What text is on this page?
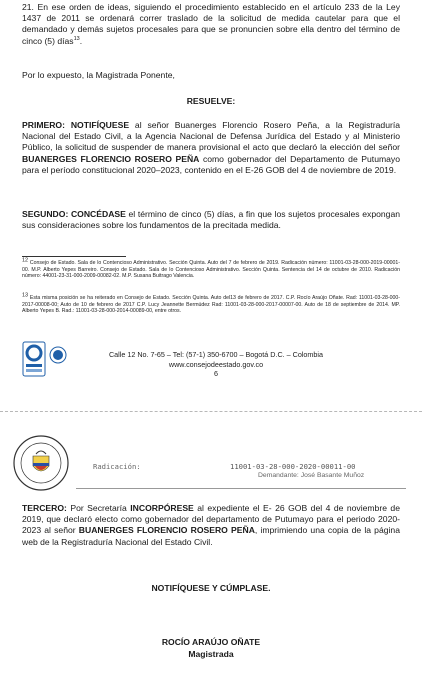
21. En ese orden de ideas, siguiendo el procedimiento establecido en el artículo 233 de la Ley 1437 de 2011 se ordenará correr traslado de la solicitud de medida cautelar para que el demandado y demás sujetos procesales para que se pronuncien sobre ella dentro del término de cinco (5) días$^{13}$.
Por lo expuesto, la Magistrada Ponente,
RESUELVE:
PRIMERO: NOTIFÍQUESE al señor Buanerges Florencio Rosero Peña, a la Registraduría Nacional del Estado Civil, a la Agencia Nacional de Defensa Jurídica del Estado y al Ministerio Público, la solicitud de suspender de manera provisional el acto que declaró la elección del señor BUANERGES FLORENCIO ROSERO PEÑA como gobernador del Departamento de Putumayo para el período constitucional 2020–2023, contenido en el E-26 GOB del 4 de noviembre de 2019.
SEGUNDO: CONCÉDASE el término de cinco (5) días, a fin que los sujetos procesales expongan sus consideraciones sobre los fundamentos de la precitada medida.
12 Consejo de Estado. Sala de lo Contencioso Administrativo. Sección Quinta. Auto del 7 de febrero de 2019. Radicación número: 11001-03-28-000-2019-00001-00. M.P. Alberto Yepes Barreiro. Consejo de Estado. Sala de lo Contencioso Administrativo. Sección Quinta. Sentencia del 14 de octubre de 2010. Radicación número: 44001-23-31-000-2009-00082-02. M.P. Susana Buitrago Valencia.
13 Esta misma posición se ha reiterado en Consejo de Estado. Sección Quinta. Auto del13 de febrero de 2017. C.P. Rocío Araújo Oñate. Rad: 11001-03-28-000-2017-00008-00; Auto de 10 de febrero de 2017 C.P. Lucy Jeannette Bermúdez Rad: 11001-03-28-000-2017-00007-00. Auto de 18 de septiembre de 2014. MP. Alberto Yepes B. Rad.: 11001-03-28-000-2014-00089-00, entre otros.
Calle 12 No. 7-65 – Tel: (57-1) 350-6700 – Bogotá D.C. – Colombia
www.consejodeestado.gov.co
6
Radicación:	11001-03-28-000-2020-00011-00
Demandante: José Basante Muñoz
TERCERO: Por Secretaría INCORPÓRESE al expediente el E- 26 GOB del 4 de noviembre de 2019, que declaró electo como gobernador del departamento de Putumayo para el periodo 2020- 2023 al señor BUANERGES FLORENCIO ROSERO PEÑA, imprimiendo una copia de la página web de la Registraduría Nacional del Estado Civil.
NOTIFÍQUESE Y CÚMPLASE.
ROCÍO ARAÚJO OÑATE
Magistrada
